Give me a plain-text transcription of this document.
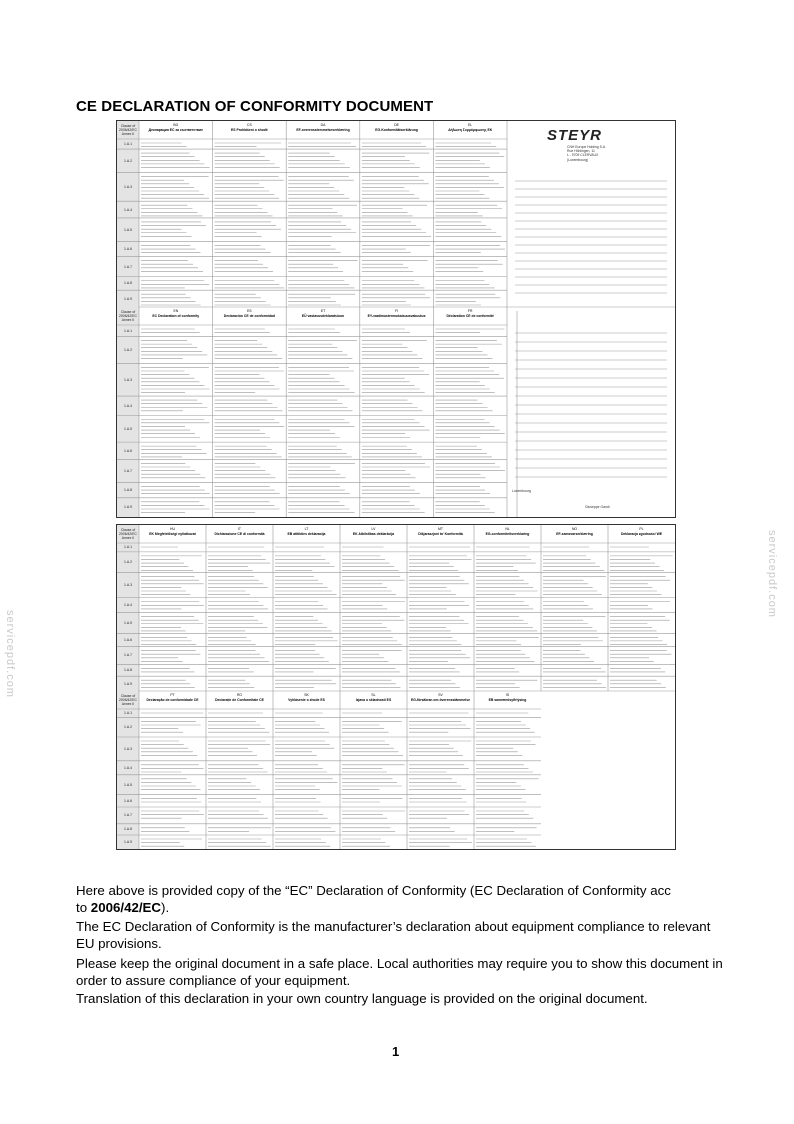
CE DECLARATION OF CONFORMITY DOCUMENT
STEYR
CNH Europe Holding S.A.
Rue Höhlingen, 11
L - 9709 CLERVAUX
(Luxembourg)
Luxembourg
Giuseppe Gandi
Clause of 2006/42/EC Annex II
Clause of 2006/42/EC Annex II
BG
Декларация ЕС за съответствие
CS
ES Prohlášení o shodě
DA
EF-overensstemmelseserklæring
DE
EG-Konformitätserklärung
EL
Δήλωση Συμμόρφωσης ΕΚ
1.A.1
1.A.2
1.A.3
1.A.4
1.A.5
1.A.6
1.A.7
1.A.8
1.A.9
EN
EC Declaration of conformity
ES
Declaración CE de conformidad
ET
EÜ vastavusdeklaratsioon
FI
EY-vaatimustenmukaisuusvakuutus
FR
Déclaration CE de conformité
1.A.1
1.A.2
1.A.3
1.A.4
1.A.5
1.A.6
1.A.7
1.A.8
1.A.9
Clause of 2006/42/EC Annex II
Clause of 2006/42/EC Annex II
HU
EK Megfelelőségi nyilatkozat
IT
Dichiarazione CE di conformità
LT
EB atitikties deklaracija
LV
EK Atbilstības deklarācija
MT
Dikjarazzjoni ta' Konformità
NL
EG-conformiteitsverklaring
NO
EF-samsvarserklæring
PL
Deklaracja zgodności WE
1.A.1
1.A.2
1.A.3
1.A.4
1.A.5
1.A.6
1.A.7
1.A.8
1.A.9
PT
Declaração de conformidade CE
RO
Declarație de Conformitate CE
SK
Vyhlásenie o zhode ES
SL
Izjava o skladnosti ES
SV
EG-försäkran om överensstämmelse
IS
EB samræmisyfirlýsing
1.A.1
1.A.2
1.A.3
1.A.4
1.A.5
1.A.6
1.A.7
1.A.8
1.A.9
servicepdf.com
servicepdf.com
Here above is provided copy of the “EC” Declaration of Conformity (EC Declaration of Conformity acc
to 2006/42/EC).
The EC Declaration of Conformity is the manufacturer’s declaration about equipment compliance to relevant EU provisions.
Please keep the original document in a safe place. Local authorities may require you to show this document in order to assure compliance of your equipment.
Translation of this declaration in your own country language is provided on the original document.
1
